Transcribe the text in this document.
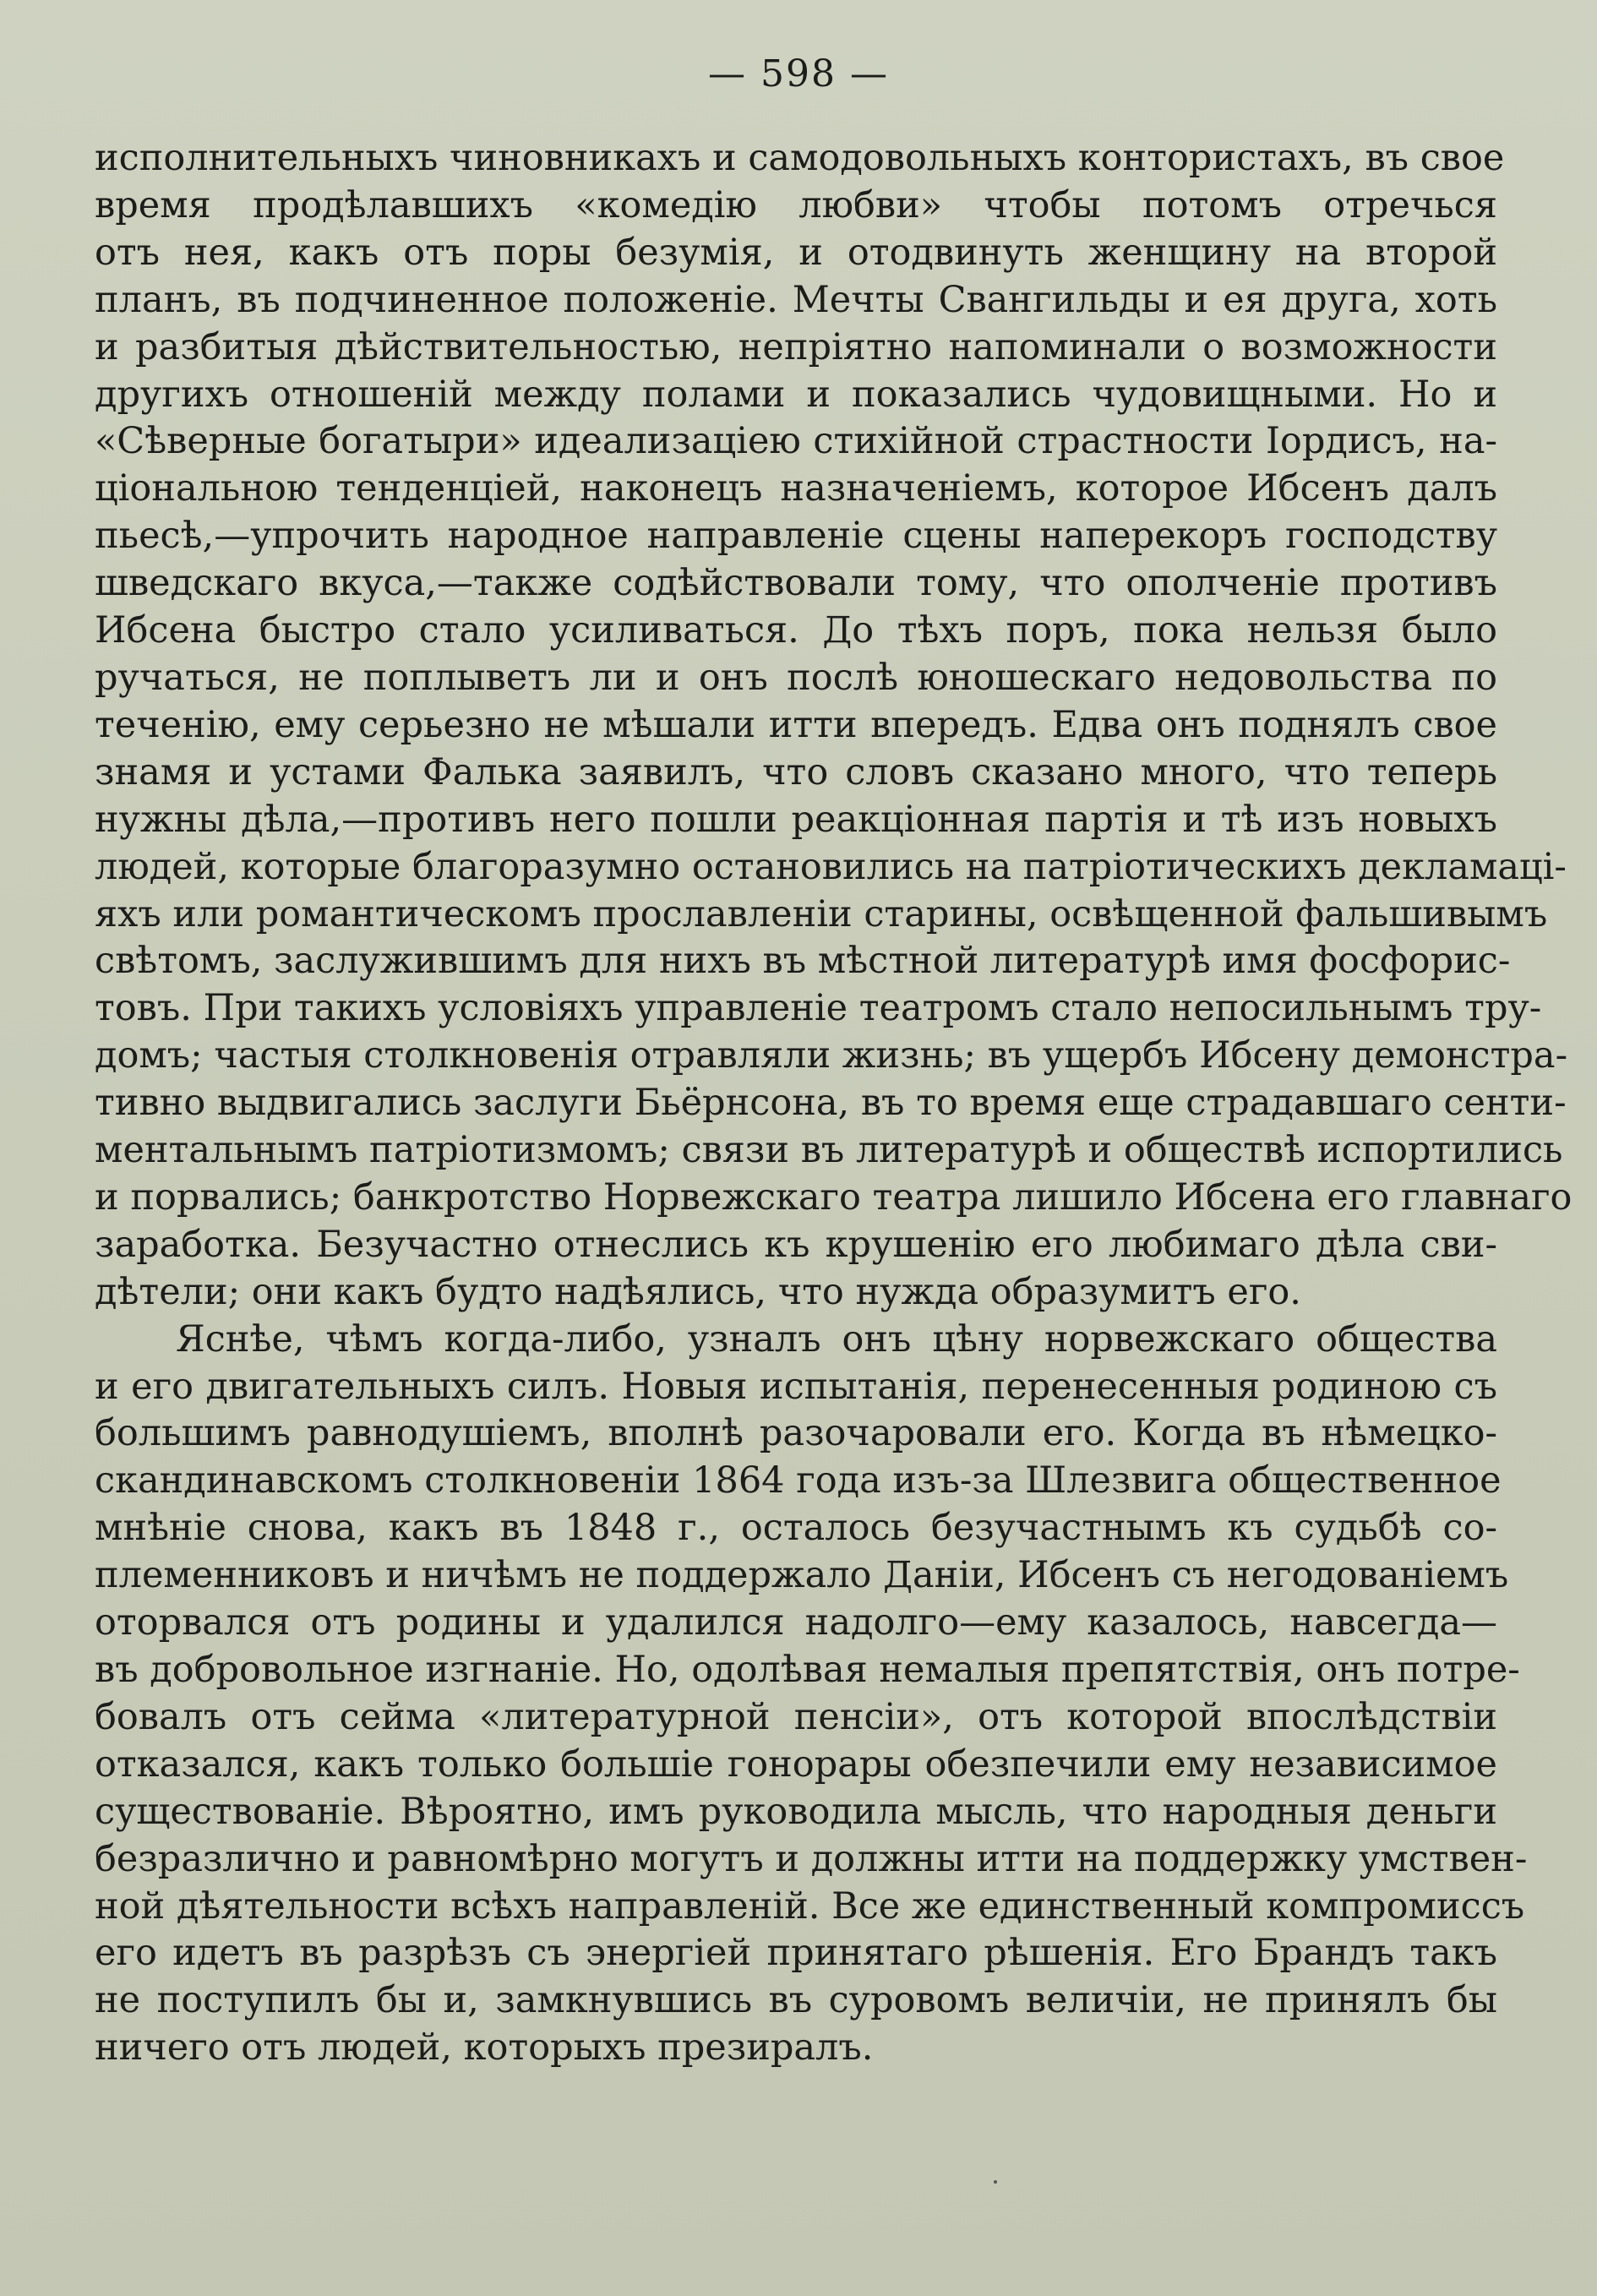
— 598 —

исполнительныхъ чиновникахъ и самодовольныхъ контористахъ, въ свое
время продѣлавшихъ «комедію любви» чтобы потомъ отречься
отъ нея, какъ отъ поры безумія, и отодвинуть женщину на второй
планъ, въ подчиненное положеніе. Мечты Свангильды и ея друга, хоть
и разбитыя дѣйствительностью, непріятно напоминали о возможности
другихъ отношеній между полами и показались чудовищными. Но и
«Сѣверные богатыри» идеализаціею стихійной страстности Іордисъ, на-
ціональною тенденціей, наконецъ назначеніемъ, которое Ибсенъ далъ
пьесѣ,—упрочить народное направленіе сцены наперекоръ господству
шведскаго вкуса,—также содѣйствовали тому, что ополченіе противъ
Ибсена быстро стало усиливаться. До тѣхъ поръ, пока нельзя было
ручаться, не поплыветъ ли и онъ послѣ юношескаго недовольства по
теченію, ему серьезно не мѣшали итти впередъ. Едва онъ поднялъ свое
знамя и устами Фалька заявилъ, что словъ сказано много, что теперь
нужны дѣла,—противъ него пошли реакціонная партія и тѣ изъ новыхъ
людей, которые благоразумно остановились на патріотическихъ декламаці-
яхъ или романтическомъ прославленіи старины, освѣщенной фальшивымъ
свѣтомъ, заслужившимъ для нихъ въ мѣстной литературѣ имя фосфорис-
товъ. При такихъ условіяхъ управленіе театромъ стало непосильнымъ тру-
домъ; частыя столкновенія отравляли жизнь; въ ущербъ Ибсену демонстра-
тивно выдвигались заслуги Бьёрнсона, въ то время еще страдавшаго сенти-
ментальнымъ патріотизмомъ; связи въ литературѣ и обществѣ испортились
и порвались; банкротство Норвежскаго театра лишило Ибсена его главнаго
заработка. Безучастно отнеслись къ крушенію его любимаго дѣла сви-
дѣтели; они какъ будто надѣялись, что нужда образумитъ его.

Яснѣе, чѣмъ когда-либо, узналъ онъ цѣну норвежскаго общества
и его двигательныхъ силъ. Новыя испытанія, перенесенныя родиною съ
большимъ равнодушіемъ, вполнѣ разочаровали его. Когда въ нѣмецко-
скандинавскомъ столкновеніи 1864 года изъ-за Шлезвига общественное
мнѣніе снова, какъ въ 1848 г., осталось безучастнымъ къ судьбѣ со-
племенниковъ и ничѣмъ не поддержало Даніи, Ибсенъ съ негодованіемъ
оторвался отъ родины и удалился надолго—ему казалось, навсегда—
въ добровольное изгнаніе. Но, одолѣвая немалыя препятствія, онъ потре-
бовалъ отъ сейма «литературной пенсіи», отъ которой впослѣдствіи
отказался, какъ только большіе гонорары обезпечили ему независимое
существованіе. Вѣроятно, имъ руководила мысль, что народныя деньги
безразлично и равномѣрно могутъ и должны итти на поддержку умствен-
ной дѣятельности всѣхъ направленій. Все же единственный компромиссъ
его идетъ въ разрѣзъ съ энергіей принятаго рѣшенія. Его Брандъ такъ
не поступилъ бы и, замкнувшись въ суровомъ величіи, не принялъ бы
ничего отъ людей, которыхъ презиралъ.
